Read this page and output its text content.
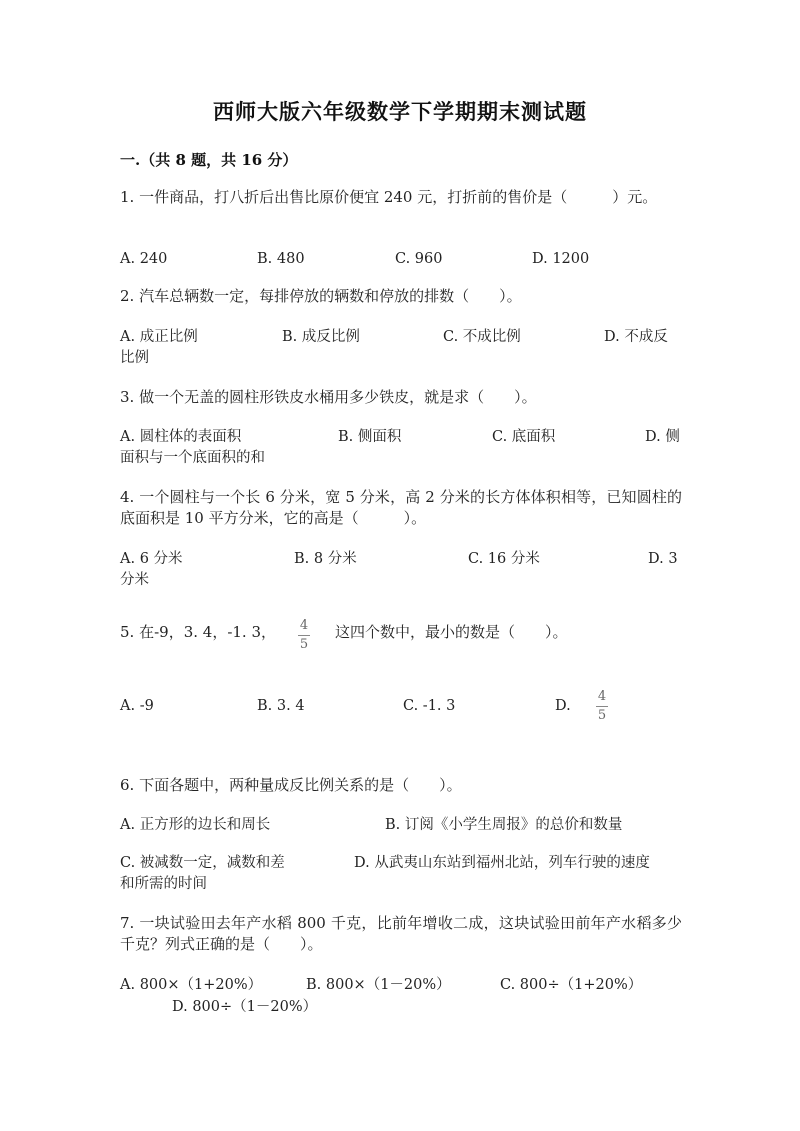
西师大版六年级数学下学期期末测试题
一.（共 8 题，共 16 分）
1. 一件商品，打八折后出售比原价便宜 240 元，打折前的售价是（　　　）元。
A. 240	B. 480	C. 960	D. 1200
2. 汽车总辆数一定，每排停放的辆数和停放的排数（　　）。
A. 成正比例	B. 成反比例	C. 不成比例	D. 不成反
比例
3. 做一个无盖的圆柱形铁皮水桶用多少铁皮，就是求（　　）。
A. 圆柱体的表面积	B. 侧面积	C. 底面积	D. 侧
面积与一个底面积的和
4. 一个圆柱与一个长 6 分米，宽 5 分米，高 2 分米的长方体体积相等，已知圆柱的底面积是 10 平方分米，它的高是（　　　）。
A. 6 分米	B. 8 分米	C. 16 分米	D. 3
分米
5. 在-9，3. 4，-1. 3， 4
5
这四个数中，最小的数是（　　）。
A. -9	B. 3. 4	C. -1. 3	D.
4
5
6. 下面各题中，两种量成反比例关系的是（　　）。
A. 正方形的边长和周长	B. 订阅《小学生周报》的总价和数量
C. 被减数一定，减数和差	D. 从武夷山东站到福州北站，列车行驶的速度
和所需的时间
7. 一块试验田去年产水稻 800 千克，比前年增收二成，这块试验田前年产水稻多少千克？列式正确的是（　　）。
A. 800×（1+20%）	B. 800×（1－20%）	C. 800÷（1+20%）
D. 800÷（1－20%）
